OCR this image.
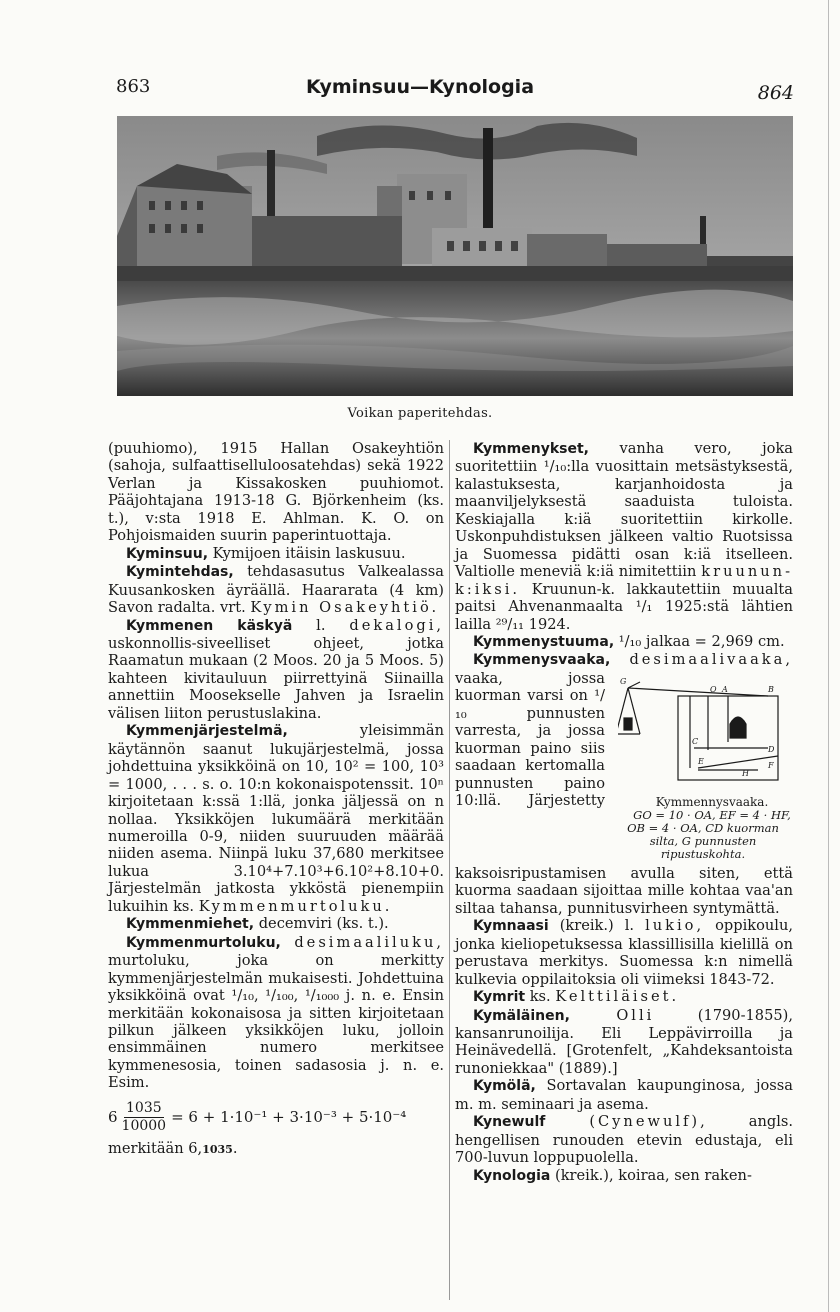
863	Kyminsuu—Kynologia	864
Voikan paperitehdas.

(puuhiomo), 1915 Hallan Osakeyhtiön (sahoja, sulfaattiselluloosatehdas) sekä 1922 Verlan ja Kissakosken puuhiomot. Pääjohtajana 1913-18 G. Björkenheim (ks. t.), v:sta 1918 E. Ahlman. K. O. on Pohjoismaiden suurin paperintuottaja.

Kyminsuu, Kymijoen itäisin laskusuu.

Kymintehdas, tehdasasutus Valkealassa Kuusankosken äyräällä. Haararata (4 km) Savon radalta. vrt. Kymin Osakeyhtiö.

Kymmenen käskyä l. dekalogi, uskonnollis-siveelliset ohjeet, jotka Raamatun mukaan (2 Moos. 20 ja 5 Moos. 5) kahteen kivitauluun piirrettyinä Siinailla annettiin Moosekselle Jahven ja Israelin välisen liiton perustuslakina.

Kymmenjärjestelmä, yleisimmän käytännön saanut lukujärjestelmä, jossa johdettuina yksikköinä on 10, 10² = 100, 10³ = 1000, . . . s. o. 10:n kokonaispotenssit. 10ⁿ kirjoitetaan k:ssä 1:llä, jonka jäljessä on n nollaa. Yksikköjen lukumäärä merkitään numeroilla 0-9, niiden suuruuden määrää niiden asema. Niinpä luku 37,680 merkitsee lukua 3.10⁴+7.10³+6.10²+8.10+0. Järjestelmän jatkosta ykköstä pienempiin lukuihin ks. Kymmenmurtoluku.

Kymmenmiehet, decemviri (ks. t.).

Kymmenmurtoluku, desimaaliluku, murtoluku, joka on merkitty kymmenjärjestelmän mukaisesti. Johdettuina yksikköinä ovat ¹/₁₀, ¹/₁₀₀, ¹/₁₀₀₀ j. n. e. Ensin merkitään kokonaisosa ja sitten kirjoitetaan pilkun jälkeen yksikköjen luku, jolloin ensimmäinen numero merkitsee kymmenesosia, toinen sadasosia j. n. e. Esim.

$6 \frac{1035}{10000} = 6 + 1\cdot 10^{-1} + 3\cdot 10^{-3} + 5\cdot 10^{-4}$

merkitään 6,1035.

Kymmenykset, vanha vero, joka suoritettiin ¹/₁₀:lla vuosittain metsästyksestä, kalastuksesta, karjanhoidosta ja maanviljelyksestä saaduista tuloista. Keskiajalla k:iä suoritettiin kirkolle. Uskonpuhdistuksen jälkeen valtio Ruotsissa ja Suomessa pidätti osan k:iä itselleen. Valtiolle meneviä k:iä nimitettiin kruunun-k:iksi. Kruunun-k. lakkautettiin muualta paitsi Ahvenanmaalta ¹/₁ 1925:stä lähtien lailla ²⁹/₁₁ 1924.

Kymmenystuuma, ¹/₁₀ jalkaa = 2,969 cm.

Kymmenysvaaka, desimaalivaaka,
G
O A	B
E
D
C
F
H
Kymmennysvaaka.
GO = 10 · OA, EF = 4 · HF, OB = 4 · OA, CD kuorman silta, G punnusten ripustuskohta.
vaaka, jossa kuorman varsi on ¹/₁₀ punnusten varresta, ja jossa kuorman paino siis saadaan kertomalla punnusten paino 10:llä. Järjestetty kaksoisripustamisen avulla siten, että kuorma saadaan sijoittaa mille kohtaa vaa'an siltaa tahansa, punnitusvirheen syntymättä.

Kymnaasi (kreik.) l. lukio, oppikoulu, jonka kieliopetuksessa klassillisilla kielillä on perustava merkitys. Suomessa k:n nimellä kulkevia oppilaitoksia oli viimeksi 1843-72.

Kymrit ks. Kelttiläiset.

Kymäläinen, Olli (1790-1855), kansanrunoilija. Eli Leppävirroilla ja Heinävedellä. [Grotenfelt, „Kahdeksantoista runoniekkaa" (1889).]

Kymölä, Sortavalan kaupunginosa, jossa m. m. seminaari ja asema.

Kynewulf (Cynewulf), angls. hengellisen runouden etevin edustaja, eli 700-luvun loppupuolella.

Kynologia (kreik.), koiraa, sen raken-
